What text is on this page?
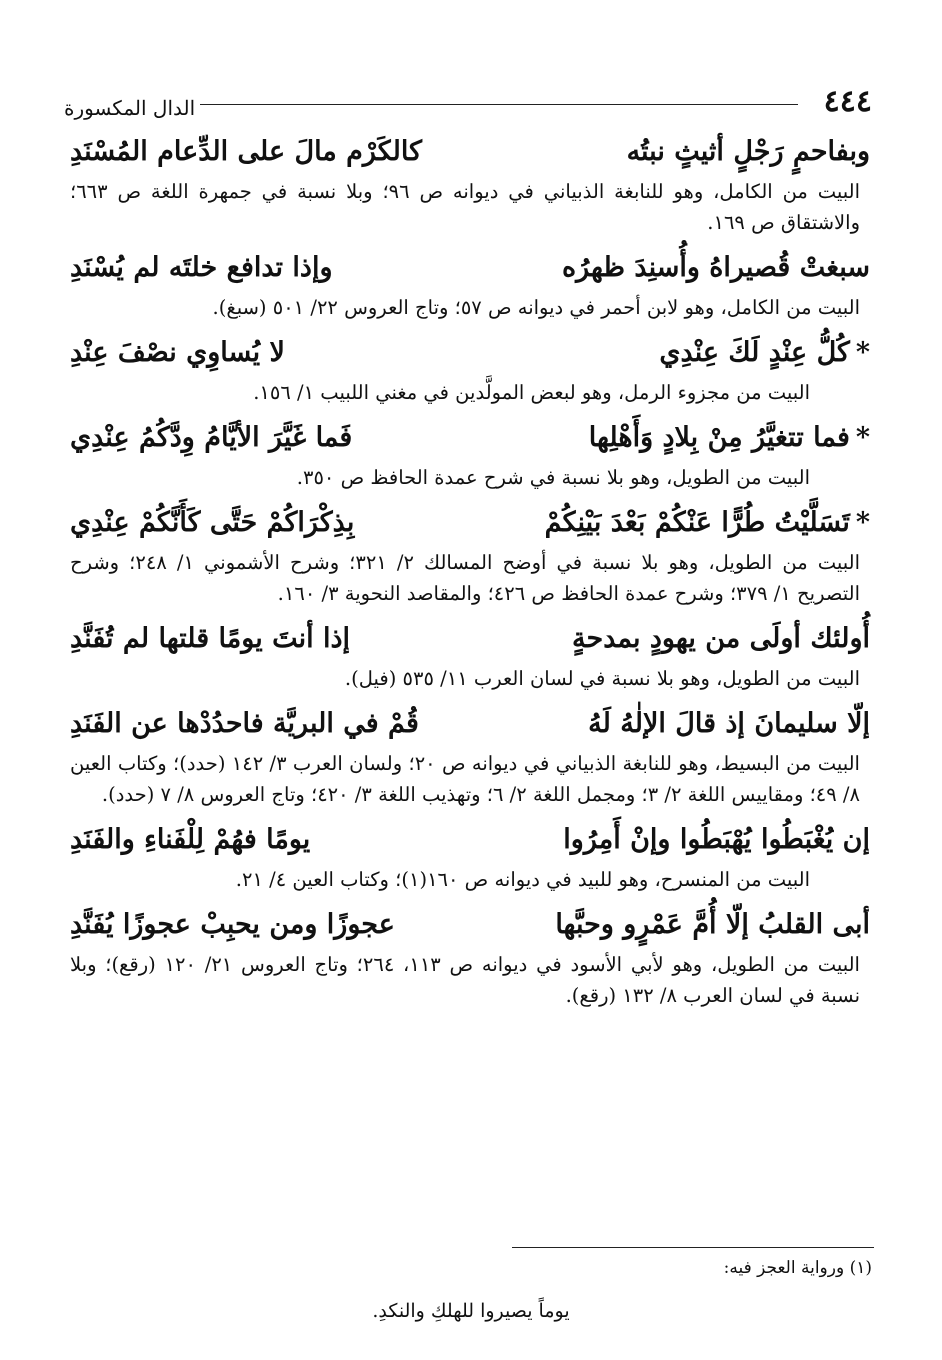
٤٤٤
الدال المكسورة
وبفاحمٍ رَجْلٍ أثيثٍ نبتُه
كالكَرْم مالَ على الدِّعام المُسْنَدِ
البيت من الكامل، وهو للنابغة الذبياني في ديوانه ص ٩٦؛ وبلا نسبة في جمهرة اللغة ص ٦٦٣؛ والاشتقاق ص ١٦٩.
سبغتْ قُصيراهُ وأُسنِدَ ظهرُه
وإذا تدافع خلتَه لم يُسْنَدِ
البيت من الكامل، وهو لابن أحمر في ديوانه ص ٥٧؛ وتاج العروس ٢٢/ ٥٠١ (سبغ).
*كُلُّ عِنْدٍ لَكَ عِنْدِي
لا يُساوِي نصْفَ عِنْدِ
البيت من مجزوء الرمل، وهو لبعض المولَّدين في مغني اللبيب ١/ ١٥٦.
*فما تتغيَّرُ مِنْ بِلادٍ وَأَهْلِها
فَما غَيَّرَ الأيَّامُ وِدَّكُمُ عِنْدِي
البيت من الطويل، وهو بلا نسبة في شرح عمدة الحافظ ص ٣٥٠.
*تَسَلَّيْتُ طُرًّا عَنْكُمْ بَعْدَ بَيْنِكُمْ
بِذِكْرَاكُمْ حَتَّى كَأَنَّكُمْ عِنْدِي
البيت من الطويل، وهو بلا نسبة في أوضح المسالك ٢/ ٣٢١؛ وشرح الأشموني ١/ ٢٤٨؛ وشرح التصريح ١/ ٣٧٩؛ وشرح عمدة الحافظ ص ٤٢٦؛ والمقاصد النحوية ٣/ ١٦٠.
أُولئك أولَى من يهودٍ بمدحةٍ
إذا أنتَ يومًا قلتها لم تُفَنَّدِ
البيت من الطويل، وهو بلا نسبة في لسان العرب ١١/ ٥٣٥ (فيل).
إلّا سليمانَ إذ قالَ الإلٰهُ لَهُ
قُمْ في البريَّة فاحدُدْها عن الفَنَدِ
البيت من البسيط، وهو للنابغة الذبياني في ديوانه ص ٢٠؛ ولسان العرب ٣/ ١٤٢ (حدد)؛ وكتاب العين ٨/ ٤٩؛ ومقاييس اللغة ٢/ ٣؛ ومجمل اللغة ٢/ ٦؛ وتهذيب اللغة ٣/ ٤٢٠؛ وتاج العروس ٨/ ٧ (حدد).
إن يُغْبَطُوا يُهْبَطُوا وإنْ أَمِرُوا
يومًا فهُمْ لِلْفَناءِ والفَنَدِ
البيت من المنسرح، وهو للبيد في ديوانه ص ١٦٠(١)؛ وكتاب العين ٤/ ٢١.
أبى القلبُ إلّا أُمَّ عَمْرٍو وحبَّها
عجوزًا ومن يحبِبْ عجوزًا يُفَنَّدِ
البيت من الطويل، وهو لأبي الأسود في ديوانه ص ١١٣، ٢٦٤؛ وتاج العروس ٢١/ ١٢٠ (رقع)؛ وبلا نسبة في لسان العرب ٨/ ١٣٢ (رقع).
(١) ورواية العجز فيه:
يوماً يصيروا للهلكِ والنكدِ.
